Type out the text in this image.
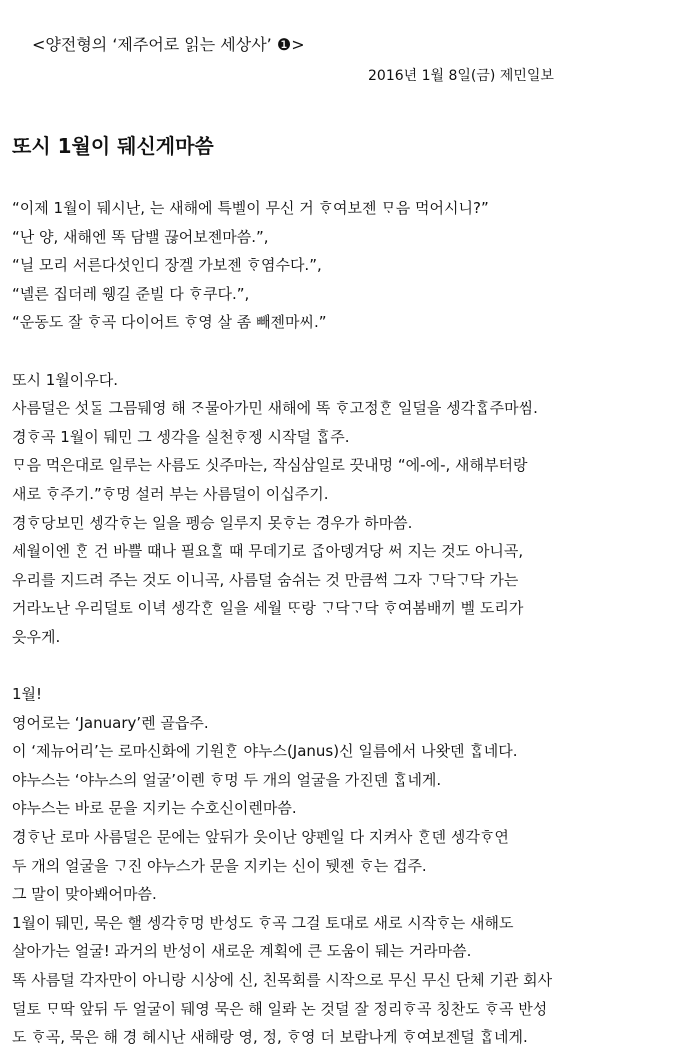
<양전형의 ‘제주어로 읽는 세상사’ ❶>
2016년 1월 8일(금) 제민일보
또시 1월이 뒈신게마씀
“이제 1월이 뒈시난, 는 새해에 특벨이 무신 거 ᄒᆞ여보젠 ᄆᆞ음 먹어시니?”
“난 양, 새해엔 똑 담밸 끊어보젠마씀.”,
“닐 모리 서른다섯인디 장겔 가보젠 ᄒᆞ염수다.”,
“넬른 집더레 웽길 준빌 다 ᄒᆞ쿠다.”,
“운동도 잘 ᄒᆞ곡 다이어트 ᄒᆞ영 살 좀 빼젠마씨.”
또시 1월이우다.
사름덜은 섯ᄃᆞᆯ 그믐뒈영 해 ᄌᆞ물아가민 새해에 똑 ᄒᆞ고정ᄒᆞᆫ 일덜을 셍각ᄒᆞᆸ주마씸.
경ᄒᆞ곡 1월이 뒈민 그 셍각을 실천ᄒᆞ젱 시작덜 ᄒᆞᆸ주.
ᄆᆞ음 먹은대로 일루는 사름도 싯주마는, 작심삼일로 끗내멍 “에-에-, 새해부터랑
새로 ᄒᆞ주기.”ᄒᆞ멍 설러 부는 사름덜이 이십주기.
경ᄒᆞ당보민 셍각ᄒᆞ는 일을 펭승 일루지 못ᄒᆞ는 경우가 하마씀.
세월이엔 ᄒᆞᆫ 건 바쁠 때나 필요ᄒᆞᆯ 때 무데기로 ᄌᆞᆸ아뎅겨당 써 지는 것도 아니곡,
우리를 지드려 주는 것도 이니곡, 사름덜 숨쉬는 것 만큼썩 그자 ᄀᆞ닥ᄀᆞ닥 가는
거라노난 우리덜토 이녁 셍각ᄒᆞᆫ 일을 세월 ᄄᆞ랑 ᄀᆞ닥ᄀᆞ닥 ᄒᆞ여봄배끼 벨 도리가
읏우게.
1월!
영어로는 ‘January’렌 골읍주.
이 ‘제뉴어리’는 로마신화에 기원ᄒᆞᆫ 야누스(Janus)신 일름에서 나왓덴 ᄒᆞᆸ네다.
야누스는 ‘야누스의 얼굴’이렌 ᄒᆞ멍 두 개의 얼굴을 가진덴 ᄒᆞᆸ네게.
야누스는 바로 문을 지키는 수호신이렌마씀.
경ᄒᆞ난 로마 사름덜은 문에는 앞뒤가 읏이난 양펜일 다 지켜사 ᄒᆞᆫ덴 셍각ᄒᆞ연
두 개의 얼굴을 ᄀᆞ진 야누스가 문을 지키는 신이 뒛젠 ᄒᆞ는 겁주.
그 말이 맞아봬어마씀.
1월이 뒈민, 묵은 핼 셍각ᄒᆞ멍 반성도 ᄒᆞ곡 그걸 토대로 새로 시작ᄒᆞ는 새해도
살아가는 얼굴! 과거의 반성이 새로운 계획에 큰 도움이 뒈는 거라마씀.
똑 사름덜 각자만이 아니랑 시상에 신, 친목회를 시작으로 무신 무신 단체 기관 회사
덜토 ᄆᆞ딱 앞뒤 두 얼굴이 뒈영 묵은 해 일롸 논 것덜 잘 정리ᄒᆞ곡 칭찬도 ᄒᆞ곡 반성
도 ᄒᆞ곡, 묵은 해 경 헤시난 새해랑 영, 정, ᄒᆞ영 더 보람나게 ᄒᆞ여보젠덜 ᄒᆞᆸ네게.
